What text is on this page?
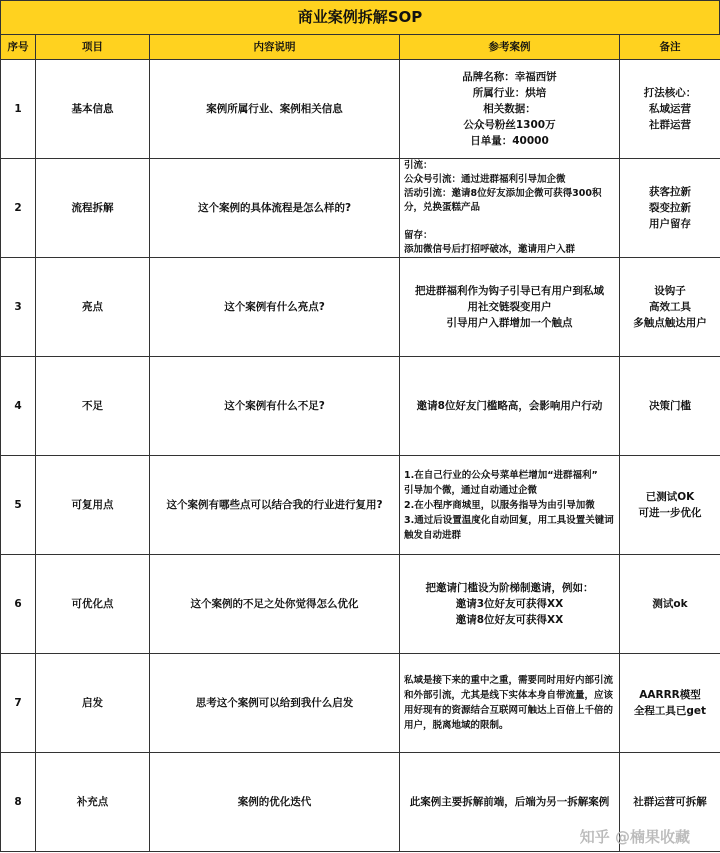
商业案例拆解SOP
序号	项目	内容说明	参考案例	备注
1	基本信息	案例所属行业、案例相关信息	品牌名称：幸福西饼
所属行业：烘培
相关数据：
公众号粉丝1300万
日单量：40000	打法核心：
私域运营
社群运营
2	流程拆解	这个案例的具体流程是怎么样的?	引流：
公众号引流：通过进群福利引导加企微
活动引流：邀请8位好友添加企微可获得300积分，兑换蛋糕产品

留存：
添加微信号后打招呼破冰，邀请用户入群	获客拉新
裂变拉新
用户留存
3	亮点	这个案例有什么亮点?	把进群福利作为钩子引导已有用户到私域
用社交链裂变用户
引导用户入群增加一个触点	设钩子
高效工具
多触点触达用户
4	不足	这个案例有什么不足?	邀请8位好友门槛略高，会影响用户行动	决策门槛
5	可复用点	这个案例有哪些点可以结合我的行业进行复用?	1.在自己行业的公众号菜单栏增加“进群福利”
引导加个微，通过自动通过企微
2.在小程序商城里，以服务指导为由引导加微
3.通过后设置温度化自动回复，用工具设置关键词触发自动进群	已测试OK
可进一步优化
6	可优化点	这个案例的不足之处你觉得怎么优化	把邀请门槛设为阶梯制邀请，例如：
邀请3位好友可获得XX
邀请8位好友可获得XX	测试ok
7	启发	思考这个案例可以给到我什么启发	私域是接下来的重中之重，需要同时用好内部引流和外部引流，尤其是线下实体本身自带流量，应该用好现有的资源结合互联网可触达上百倍上千倍的用户，脱离地域的限制。	AARRR模型
全程工具已get
8	补充点	案例的优化迭代	此案例主要拆解前端，后端为另一拆解案例	社群运营可拆解
知乎 @楠果收藏
